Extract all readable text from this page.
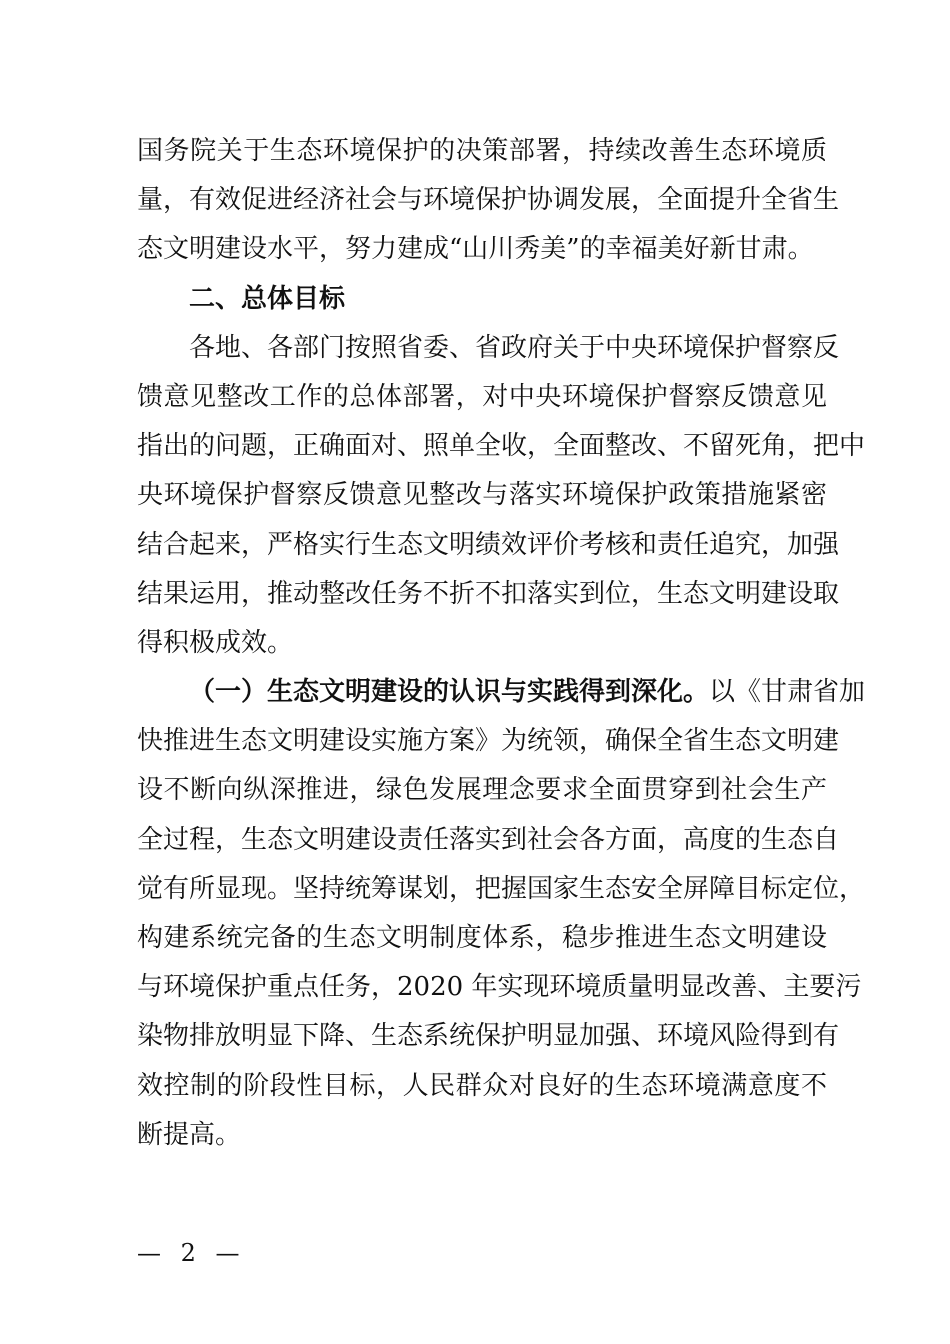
国务院关于生态环境保护的决策部署，持续改善生态环境质
量，有效促进经济社会与环境保护协调发展，全面提升全省生
态文明建设水平，努力建成“山川秀美”的幸福美好新甘肃。
二、总体目标
各地、各部门按照省委、省政府关于中央环境保护督察反
馈意见整改工作的总体部署，对中央环境保护督察反馈意见
指出的问题，正确面对、照单全收，全面整改、不留死角，把中
央环境保护督察反馈意见整改与落实环境保护政策措施紧密
结合起来，严格实行生态文明绩效评价考核和责任追究，加强
结果运用，推动整改任务不折不扣落实到位，生态文明建设取
得积极成效。
（一）生态文明建设的认识与实践得到深化。以《甘肃省加
快推进生态文明建设实施方案》为统领，确保全省生态文明建
设不断向纵深推进，绿色发展理念要求全面贯穿到社会生产
全过程，生态文明建设责任落实到社会各方面，高度的生态自
觉有所显现。坚持统筹谋划，把握国家生态安全屏障目标定位，
构建系统完备的生态文明制度体系，稳步推进生态文明建设
与环境保护重点任务，2020 年实现环境质量明显改善、主要污
染物排放明显下降、生态系统保护明显加强、环境风险得到有
效控制的阶段性目标，人民群众对良好的生态环境满意度不
断提高。
— 2 —
